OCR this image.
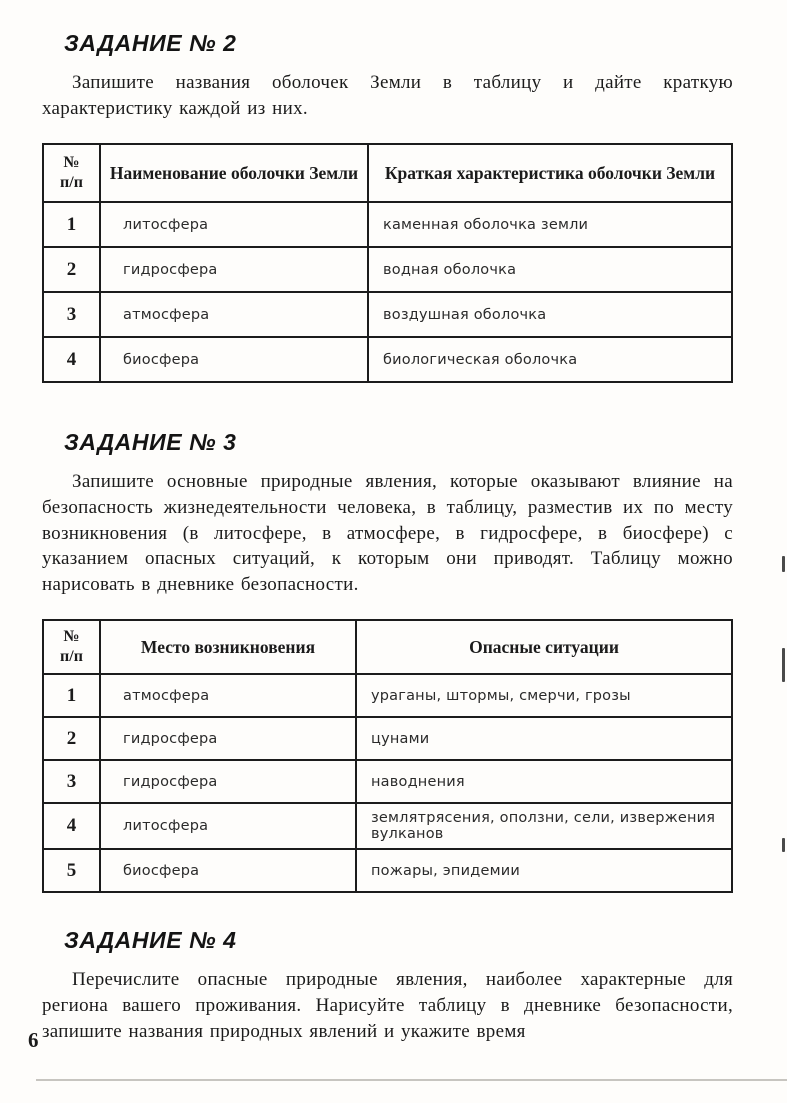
ЗАДАНИЕ № 2

Запишите названия оболочек Земли в таблицу и дайте краткую характеристику каждой из них.

№
п/п	Наименование оболочки Земли	Краткая характеристика оболочки Земли
1	литосфера	каменная оболочка земли
2	гидросфера	водная оболочка
3	атмосфера	воздушная оболочка
4	биосфера	биологическая оболочка
ЗАДАНИЕ № 3

Запишите основные природные явления, которые оказывают влияние на безопасность жизнедеятельности человека, в таблицу, разместив их по месту возникновения (в литосфере, в атмосфере, в гидросфере, в биосфере) с указанием опасных ситуаций, к которым они приводят. Таблицу можно нарисовать в дневнике безопасности.

№
п/п	Место возникновения	Опасные ситуации
1	атмосфера	ураганы, штормы, смерчи, грозы
2	гидросфера	цунами
3	гидросфера	наводнения
4	литосфера	землятрясения, оползни, сели, извержения вулканов
5	биосфера	пожары, эпидемии
ЗАДАНИЕ № 4

Перечислите опасные природные явления, наиболее характерные для региона вашего проживания. Нарисуйте таблицу в дневнике безопасности, запишите названия природных явлений и укажите время

6
